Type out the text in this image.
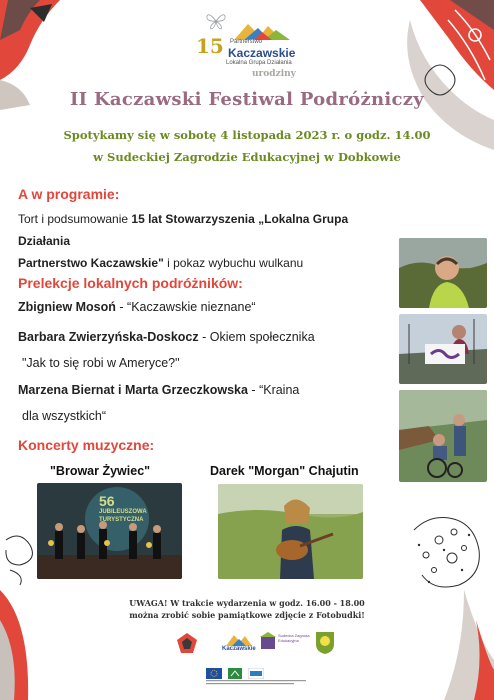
15 Partnerstwo
Kaczawskie
Lokalna Grupa Działania
urodziny
II Kaczawski Festiwal Podróżniczy
Spotykamy się w sobotę 4 listopada 2023 r. o godz. 14.00
w Sudeckiej Zagrodzie Edukacyjnej w Dobkowie
A w programie:
Tort i podsumowanie 15 lat Stowarzyszenia „Lokalna Grupa Działania
Partnerstwo Kaczawskie" i pokaz wybuchu wulkanu
Prelekcje lokalnych podróżników:
Zbigniew Mosoń - “Kaczawskie nieznane“
Barbara Zwierzyńska-Doskocz - Okiem społecznika
"Jak to się robi w Ameryce?"
Marzena Biernat i Marta Grzeczkowska - “Kraina
dla wszystkich“
Koncerty muzyczne:
"Browar Żywiec"	Darek "Morgan" Chajutin
56
JUBILEUSZOWA
TURYSTYCZNA
UWAGA! W trakcie wydarzenia w godz. 16.00 - 18.00
można zrobić sobie pamiątkowe zdjęcie z Fotobudki!
Kaczawskie
Sudecka Zagroda Edukacyjna
